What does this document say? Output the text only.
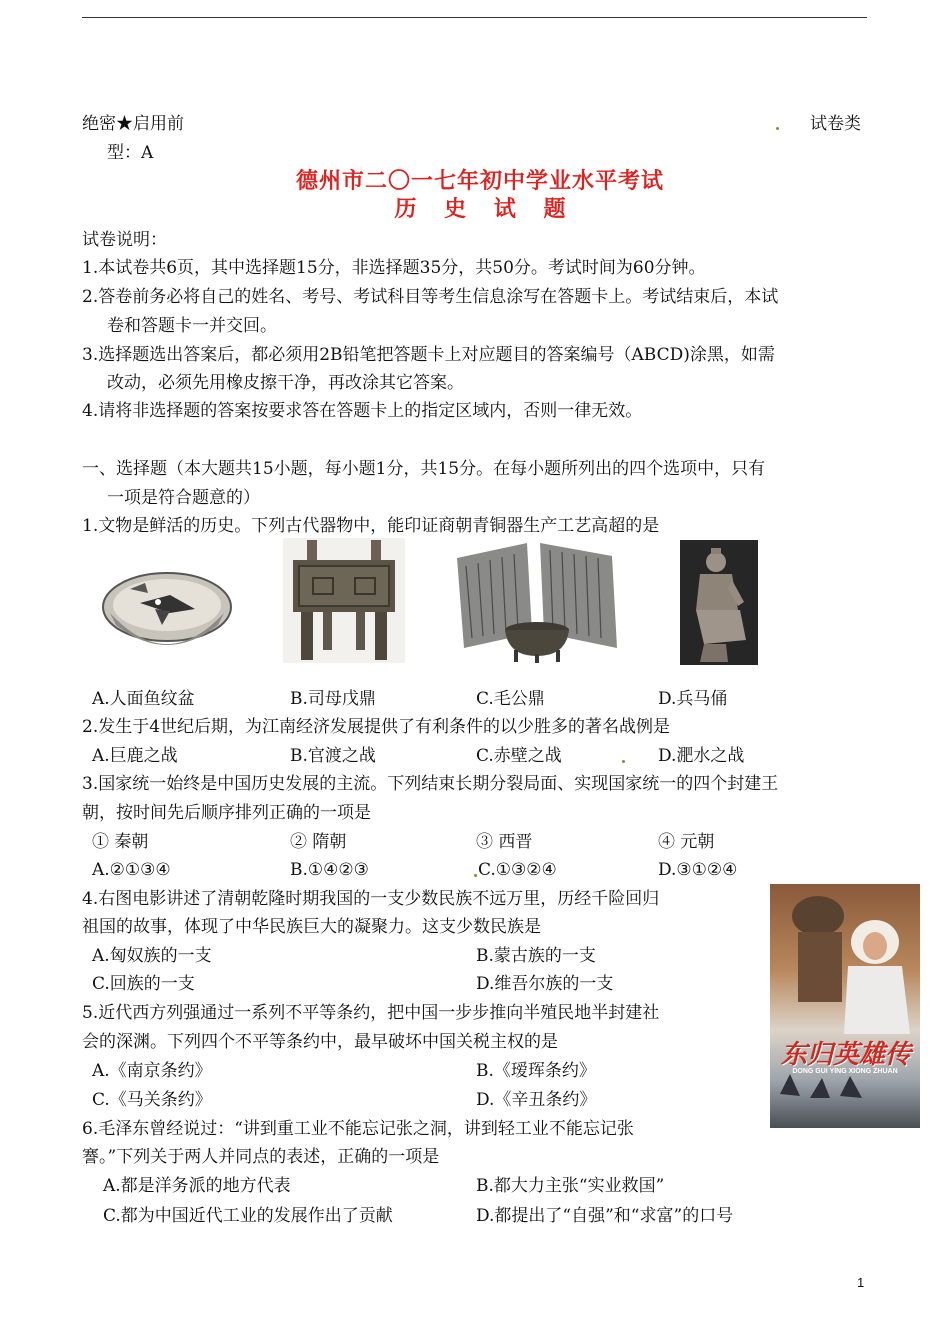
绝密★启用前	试卷类
型：A
德州市二〇一七年初中学业水平考试
历 史 试 题
试卷说明：
1.本试卷共6页，其中选择题15分，非选择题35分，共50分。考试时间为60分钟。
2.答卷前务必将自己的姓名、考号、考试科目等考生信息涂写在答题卡上。考试结束后，本试
卷和答题卡一并交回。
3.选择题选出答案后，都必须用2B铅笔把答题卡上对应题目的答案编号（ABCD)涂黑，如需
改动，必须先用橡皮擦干净，再改涂其它答案。
4.请将非选择题的答案按要求答在答题卡上的指定区域内，否则一律无效。
一、选择题（本大题共15小题，每小题1分，共15分。在每小题所列出的四个选项中，只有
一项是符合题意的）
1.文物是鲜活的历史。下列古代器物中，能印证商朝青铜器生产工艺高超的是
A.人面鱼纹盆	B.司母戊鼎	C.毛公鼎	D.兵马俑
2.发生于4世纪后期，为江南经济发展提供了有利条件的以少胜多的著名战例是
A.巨鹿之战	B.官渡之战	C.赤壁之战	D.淝水之战
3.国家统一始终是中国历史发展的主流。下列结束长期分裂局面、实现国家统一的四个封建王
朝，按时间先后顺序排列正确的一项是
① 秦朝	② 隋朝	③ 西晋	④ 元朝
A.②①③④	B.①④②③	C.①③②④	D.③①②④
4.右图电影讲述了清朝乾隆时期我国的一支少数民族不远万里，历经千险回归
祖国的故事，体现了中华民族巨大的凝聚力。这支少数民族是
A.匈奴族的一支	B.蒙古族的一支
C.回族的一支	D.维吾尔族的一支
东归英雄传
DONG GUI YING XIONG ZHUAN
5.近代西方列强通过一系列不平等条约，把中国一步步推向半殖民地半封建社
会的深渊。下列四个不平等条约中，最早破坏中国关税主权的是
A.《南京条约》	B.《瑷珲条约》
C.《马关条约》	D.《辛丑条约》
6.毛泽东曾经说过：“讲到重工业不能忘记张之洞，讲到轻工业不能忘记张
謇。”下列关于两人并同点的表述，正确的一项是
A.都是洋务派的地方代表	B.都大力主张“实业救国”
C.都为中国近代工业的发展作出了贡献	D.都提出了“自强”和“求富”的口号
1
